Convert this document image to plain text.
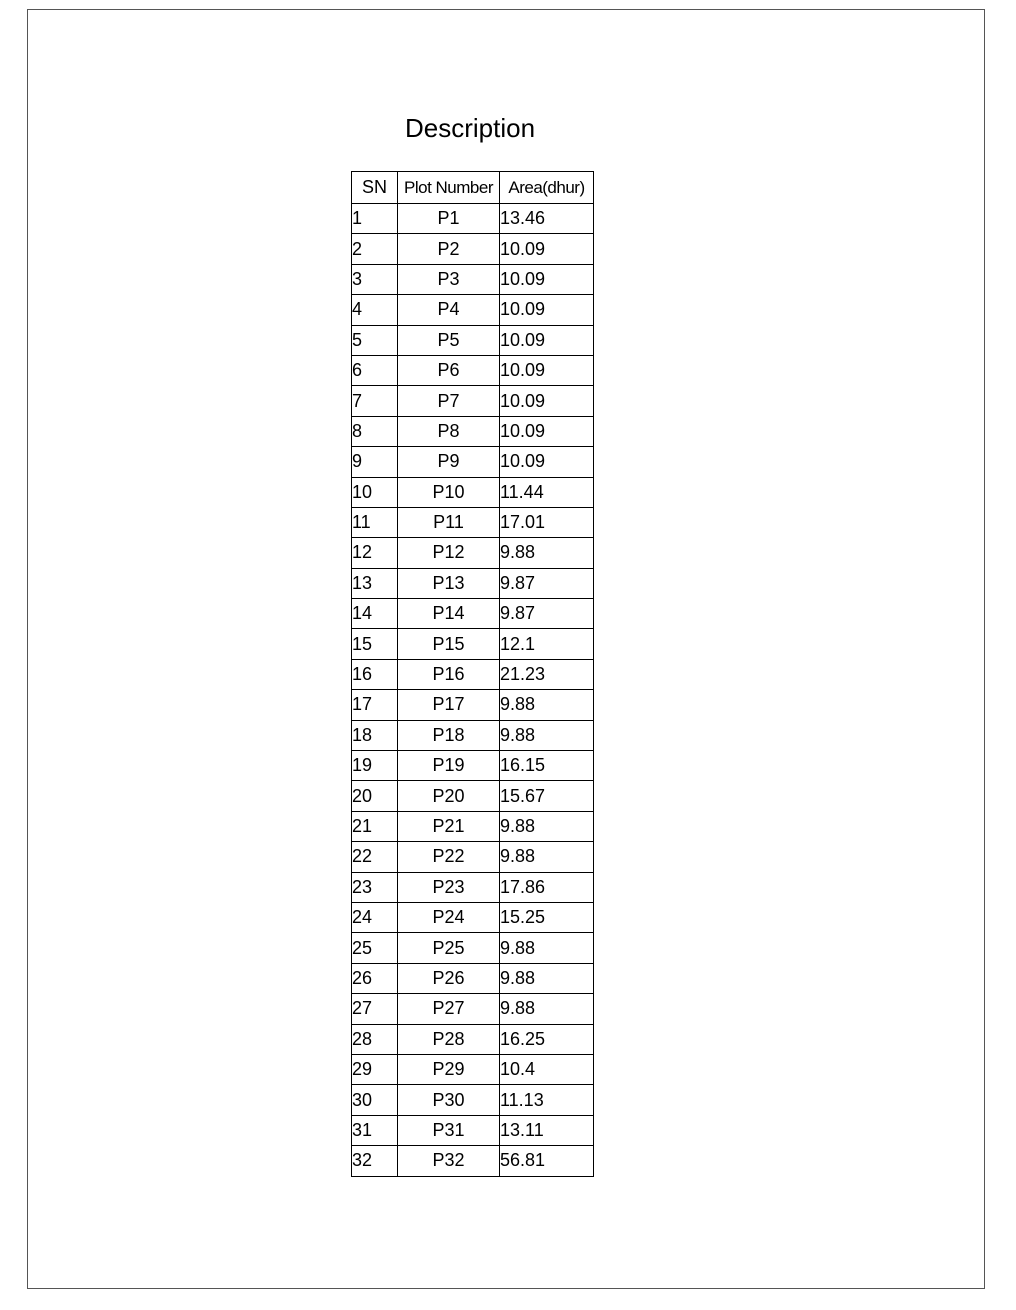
Description
SN	Plot Number	Area(dhur)
1	P1	13.46
2	P2	10.09
3	P3	10.09
4	P4	10.09
5	P5	10.09
6	P6	10.09
7	P7	10.09
8	P8	10.09
9	P9	10.09
10	P10	11.44
11	P11	17.01
12	P12	9.88
13	P13	9.87
14	P14	9.87
15	P15	12.1
16	P16	21.23
17	P17	9.88
18	P18	9.88
19	P19	16.15
20	P20	15.67
21	P21	9.88
22	P22	9.88
23	P23	17.86
24	P24	15.25
25	P25	9.88
26	P26	9.88
27	P27	9.88
28	P28	16.25
29	P29	10.4
30	P30	11.13
31	P31	13.11
32	P32	56.81
